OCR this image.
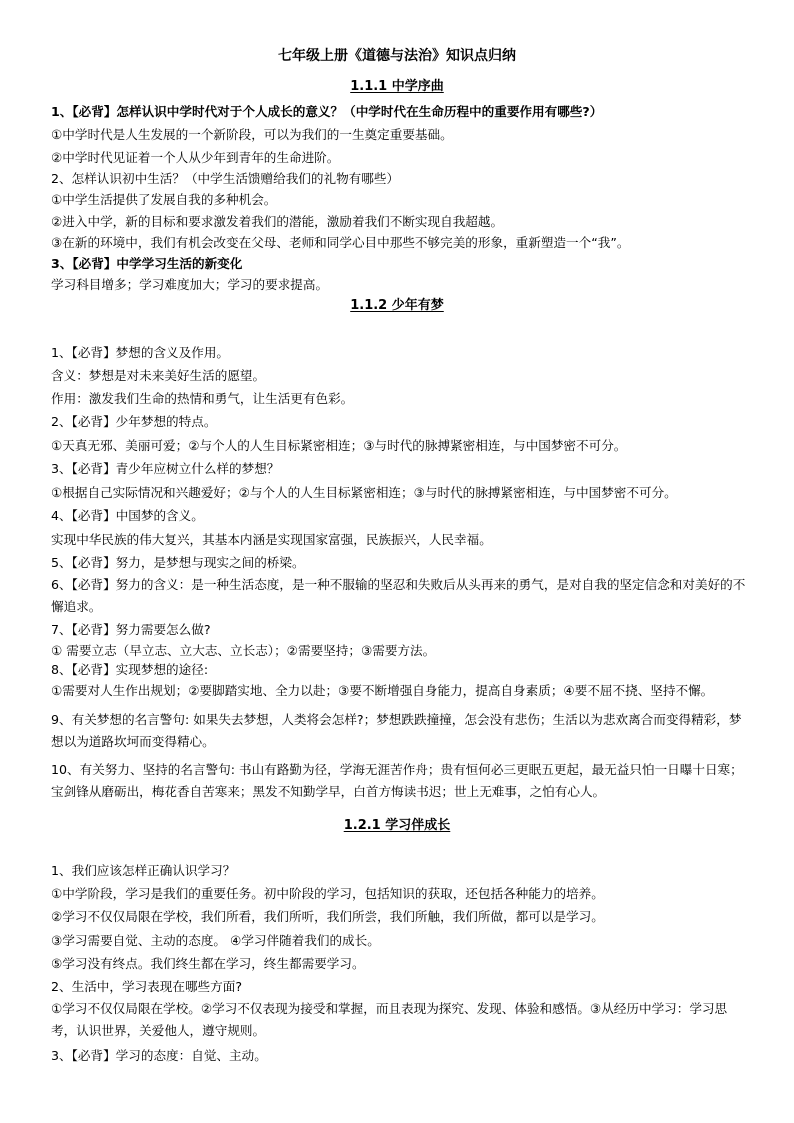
七年级上册《道德与法治》知识点归纳
1.1.1 中学序曲
1、【必背】怎样认识中学时代对于个人成长的意义？（中学时代在生命历程中的重要作用有哪些?）
①中学时代是人生发展的一个新阶段，可以为我们的一生奠定重要基础。
②中学时代见证着一个人从少年到青年的生命进阶。
2、怎样认识初中生活？（中学生活馈赠给我们的礼物有哪些）
①中学生活提供了发展自我的多种机会。
②进入中学，新的目标和要求激发着我们的潜能，激励着我们不断实现自我超越。
③在新的环境中，我们有机会改变在父母、老师和同学心目中那些不够完美的形象，重新塑造一个“我”。
3、【必背】中学学习生活的新变化
学习科目增多；学习难度加大；学习的要求提高。
1.1.2 少年有梦
1、【必背】梦想的含义及作用。
含义：梦想是对未来美好生活的愿望。
作用：激发我们生命的热情和勇气，让生活更有色彩。
2、【必背】少年梦想的特点。
①天真无邪、美丽可爱；②与个人的人生目标紧密相连；③与时代的脉搏紧密相连，与中国梦密不可分。
3、【必背】青少年应树立什么样的梦想？
①根据自己实际情况和兴趣爱好；②与个人的人生目标紧密相连；③与时代的脉搏紧密相连，与中国梦密不可分。
4、【必背】中国梦的含义。
实现中华民族的伟大复兴，其基本内涵是实现国家富强，民族振兴，人民幸福。
5、【必背】努力，是梦想与现实之间的桥梁。
6、【必背】努力的含义：是一种生活态度，是一种不服输的坚忍和失败后从头再来的勇气，是对自我的坚定信念和对美好的不懈追求。
7、【必背】努力需要怎么做?
① 需要立志（早立志、立大志、立长志）；②需要坚持；③需要方法。
8、【必背】实现梦想的途径:
①需要对人生作出规划；②要脚踏实地、全力以赴；③要不断增强自身能力，提高自身素质；④要不屈不挠、坚持不懈。
9、有关梦想的名言警句: 如果失去梦想，人类将会怎样?；梦想跌跌撞撞，怎会没有悲伤；生活以为悲欢离合而变得精彩，梦想以为道路坎坷而变得精心。
10、有关努力、坚持的名言警句: 书山有路勤为径，学海无涯苦作舟；贵有恒何必三更眠五更起，最无益只怕一日曝十日寒；宝剑锋从磨砺出，梅花香自苦寒来；黑发不知勤学早，白首方悔读书迟；世上无难事，之怕有心人。
1.2.1 学习伴成长
1、我们应该怎样正确认识学习？
①中学阶段，学习是我们的重要任务。初中阶段的学习，包括知识的获取，还包括各种能力的培养。
②学习不仅仅局限在学校，我们所看，我们所听，我们所尝，我们所触，我们所做，都可以是学习。
③学习需要自觉、主动的态度。 ④学习伴随着我们的成长。
⑤学习没有终点。我们终生都在学习，终生都需要学习。
2、生活中，学习表现在哪些方面?
①学习不仅仅局限在学校。②学习不仅表现为接受和掌握，而且表现为探究、发现、体验和感悟。③从经历中学习：学习思考，认识世界，关爱他人，遵守规则。
3、【必背】学习的态度：自觉、主动。
